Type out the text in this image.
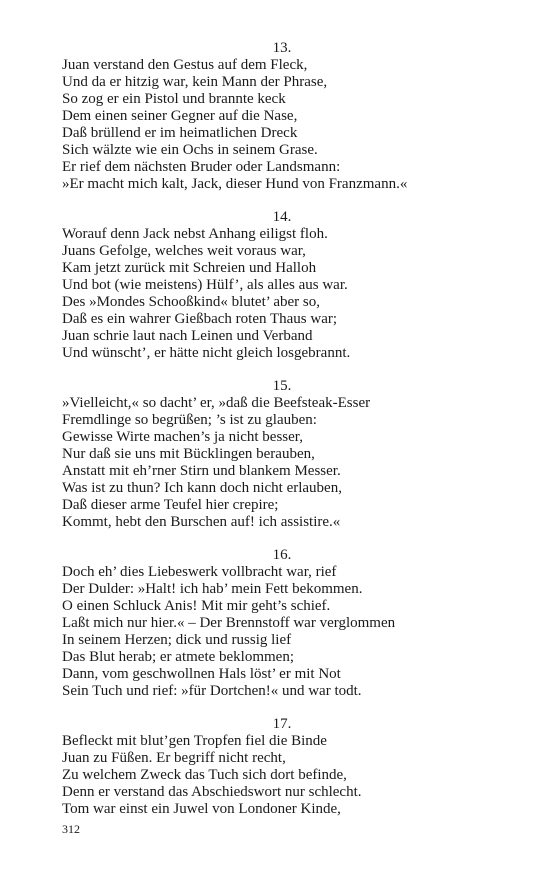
13.
Juan verstand den Gestus auf dem Fleck,
Und da er hitzig war, kein Mann der Phrase,
So zog er ein Pistol und brannte keck
Dem einen seiner Gegner auf die Nase,
Daß brüllend er im heimatlichen Dreck
Sich wälzte wie ein Ochs in seinem Grase.
Er rief dem nächsten Bruder oder Landsmann:
»Er macht mich kalt, Jack, dieser Hund von Franzmann.«
14.
Worauf denn Jack nebst Anhang eiligst floh.
Juans Gefolge, welches weit voraus war,
Kam jetzt zurück mit Schreien und Halloh
Und bot (wie meistens) Hülf’, als alles aus war.
Des »Mondes Schooßkind« blutet’ aber so,
Daß es ein wahrer Gießbach roten Thaus war;
Juan schrie laut nach Leinen und Verband
Und wünscht’, er hätte nicht gleich losgebrannt.
15.
»Vielleicht,« so dacht’ er, »daß die Beefsteak-Esser
Fremdlinge so begrüßen; ’s ist zu glauben:
Gewisse Wirte machen’s ja nicht besser,
Nur daß sie uns mit Bücklingen berauben,
Anstatt mit eh’rner Stirn und blankem Messer.
Was ist zu thun? Ich kann doch nicht erlauben,
Daß dieser arme Teufel hier crepire;
Kommt, hebt den Burschen auf! ich assistire.«
16.
Doch eh’ dies Liebeswerk vollbracht war, rief
Der Dulder: »Halt! ich hab’ mein Fett bekommen.
O einen Schluck Anis! Mit mir geht’s schief.
Laßt mich nur hier.« – Der Brennstoff war verglommen
In seinem Herzen; dick und russig lief
Das Blut herab; er atmete beklommen;
Dann, vom geschwollnen Hals löst’ er mit Not
Sein Tuch und rief: »für Dortchen!« und war todt.
17.
Befleckt mit blut’gen Tropfen fiel die Binde
Juan zu Füßen. Er begriff nicht recht,
Zu welchem Zweck das Tuch sich dort befinde,
Denn er verstand das Abschiedswort nur schlecht.
Tom war einst ein Juwel von Londoner Kinde,
312
